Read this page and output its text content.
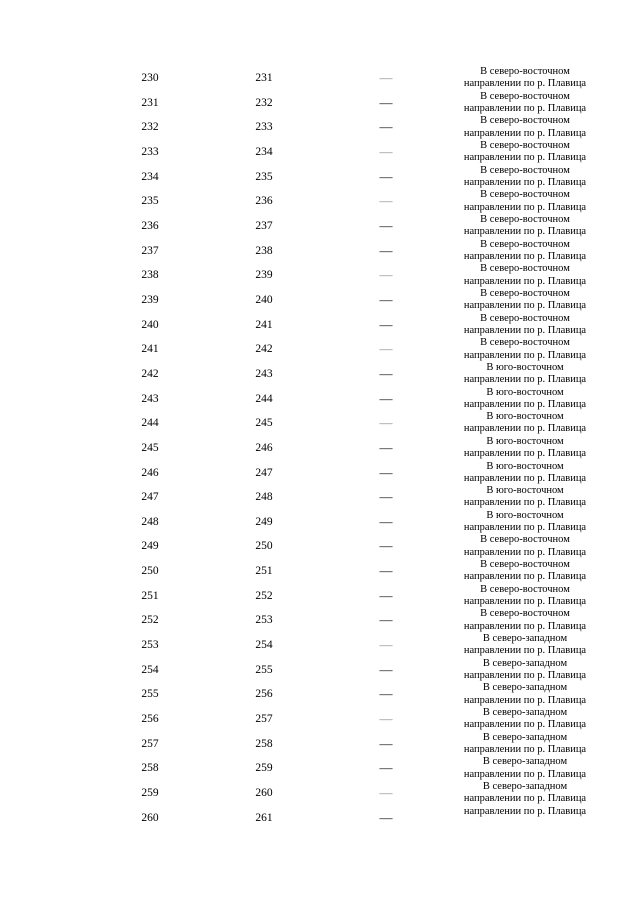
230	231	—	В северо-восточном
направлении по р. Плавица
231	232	—	В северо-восточном
направлении по р. Плавица
232	233	—	В северо-восточном
направлении по р. Плавица
233	234	—	В северо-восточном
направлении по р. Плавица
234	235	—	В северо-восточном
направлении по р. Плавица
235	236	—	В северо-восточном
направлении по р. Плавица
236	237	—	В северо-восточном
направлении по р. Плавица
237	238	—	В северо-восточном
направлении по р. Плавица
238	239	—	В северо-восточном
направлении по р. Плавица
239	240	—	В северо-восточном
направлении по р. Плавица
240	241	—	В северо-восточном
направлении по р. Плавица
241	242	—	В северо-восточном
направлении по р. Плавица
242	243	—	В юго-восточном
направлении по р. Плавица
243	244	—	В юго-восточном
направлении по р. Плавица
244	245	—	В юго-восточном
направлении по р. Плавица
245	246	—	В юго-восточном
направлении по р. Плавица
246	247	—	В юго-восточном
направлении по р. Плавица
247	248	—	В юго-восточном
направлении по р. Плавица
248	249	—	В юго-восточном
направлении по р. Плавица
249	250	—	В северо-восточном
направлении по р. Плавица
250	251	—	В северо-восточном
направлении по р. Плавица
251	252	—	В северо-восточном
направлении по р. Плавица
252	253	—	В северо-восточном
направлении по р. Плавица
253	254	—	В северо-западном
направлении по р. Плавица
254	255	—	В северо-западном
направлении по р. Плавица
255	256	—	В северо-западном
направлении по р. Плавица
256	257	—	В северо-западном
направлении по р. Плавица
257	258	—	В северо-западном
направлении по р. Плавица
258	259	—	В северо-западном
направлении по р. Плавица
259	260	—	В северо-западном
направлении по р. Плавица
260	261	—	направлении по р. Плавица
